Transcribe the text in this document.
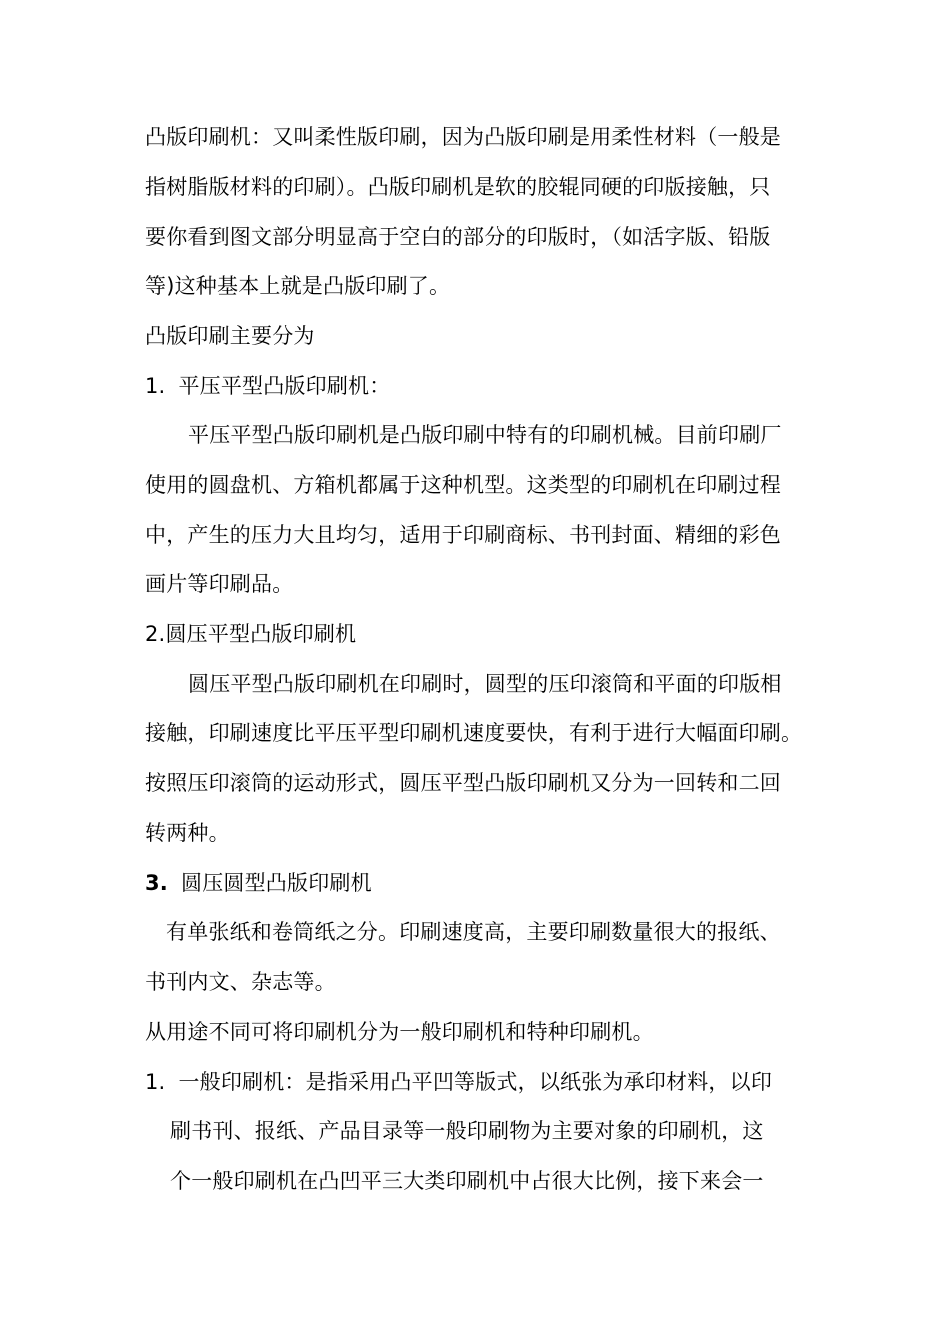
凸版印刷机：又叫柔性版印刷，因为凸版印刷是用柔性材料（一般是
指树脂版材料的印刷）。凸版印刷机是软的胶辊同硬的印版接触，只
要你看到图文部分明显高于空白的部分的印版时，（如活字版、铅版
等)这种基本上就是凸版印刷了。
凸版印刷主要分为
1. 平压平型凸版印刷机：
平压平型凸版印刷机是凸版印刷中特有的印刷机械。目前印刷厂
使用的圆盘机、方箱机都属于这种机型。这类型的印刷机在印刷过程
中，产生的压力大且均匀，适用于印刷商标、书刊封面、精细的彩色
画片等印刷品。
2.圆压平型凸版印刷机
圆压平型凸版印刷机在印刷时，圆型的压印滚筒和平面的印版相
接触，印刷速度比平压平型印刷机速度要快，有利于进行大幅面印刷。
按照压印滚筒的运动形式，圆压平型凸版印刷机又分为一回转和二回
转两种。
3. 圆压圆型凸版印刷机
有单张纸和卷筒纸之分。印刷速度高，主要印刷数量很大的报纸、
书刊内文、杂志等。
从用途不同可将印刷机分为一般印刷机和特种印刷机。
1. 一般印刷机：是指采用凸平凹等版式，以纸张为承印材料，以印
刷书刊、报纸、产品目录等一般印刷物为主要对象的印刷机，这
个一般印刷机在凸凹平三大类印刷机中占很大比例，接下来会一
